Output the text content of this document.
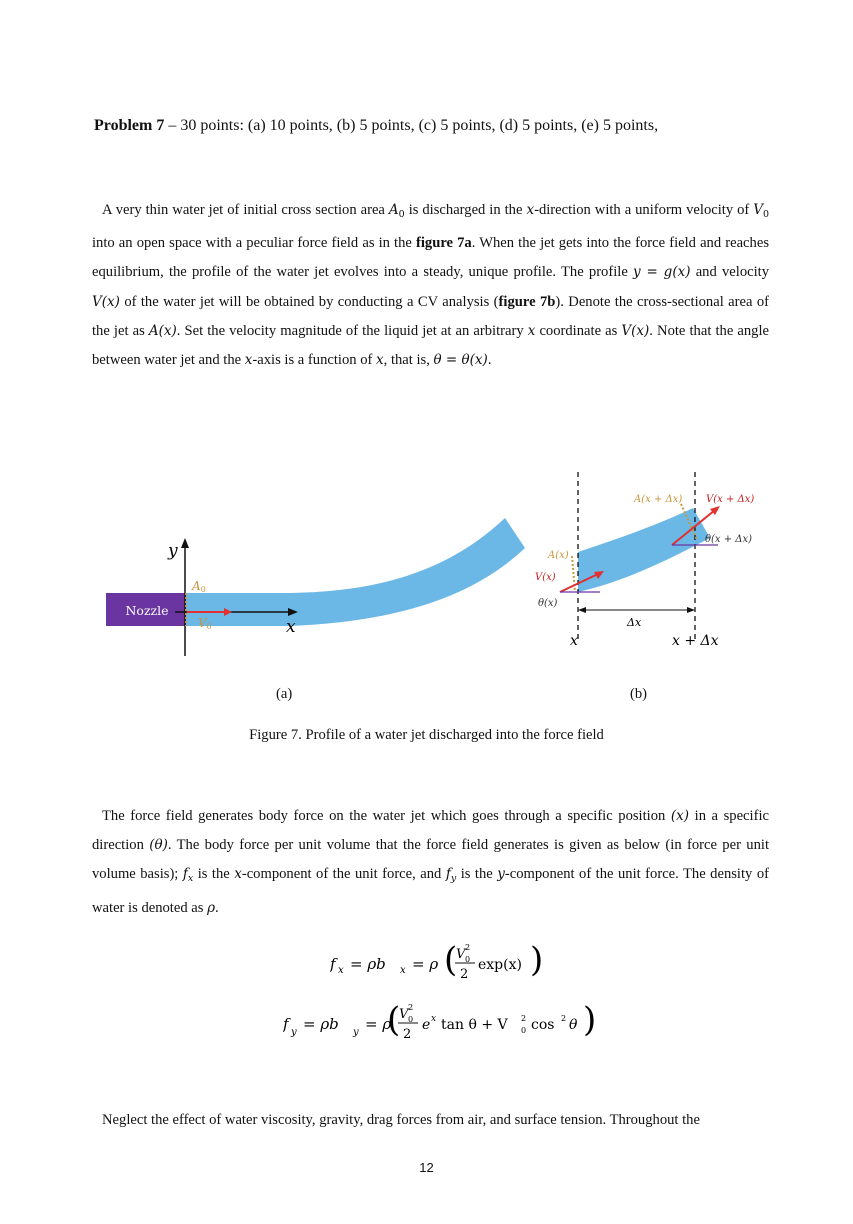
Problem 7 – 30 points: (a) 10 points, (b) 5 points, (c) 5 points, (d) 5 points, (e) 5 points,
A very thin water jet of initial cross section area $A_0$ is discharged in the x-direction with a uniform velocity of $V_0$ into an open space with a peculiar force field as in the figure 7a. When the jet gets into the force field and reaches equilibrium, the profile of the water jet evolves into a steady, unique profile. The profile y = g(x) and velocity V(x) of the water jet will be obtained by conducting a CV analysis (figure 7b). Denote the cross-sectional area of the jet as A(x). Set the velocity magnitude of the liquid jet at an arbitrary x coordinate as V(x). Note that the angle between water jet and the x-axis is a function of x, that is, θ = θ(x).
Nozzle
y
x
A0
V0	Δx
x	x + Δx
A(x)
V(x)
θ(x)
A(x + Δx) V(x + Δx)
θ(x + Δx)
(a)	(b)
Figure 7. Profile of a water jet discharged into the force field
The force field generates body force on the water jet which goes through a specific position (x) in a specific direction (θ). The body force per unit volume that the force field generates is given as below (in force per unit volume basis); $f_x$ is the x-component of the unit force, and $f_y$ is the y-component of the unit force. The density of water is denoted as ρ.
f x = ρb x = ρ (
V 2
0
2
exp(x) )
f y = ρb y = ρ
(
V 2
0
2
e x tan θ + V 2
0 cos 2 θ )
Neglect the effect of water viscosity, gravity, drag forces from air, and surface tension. Throughout the
12
